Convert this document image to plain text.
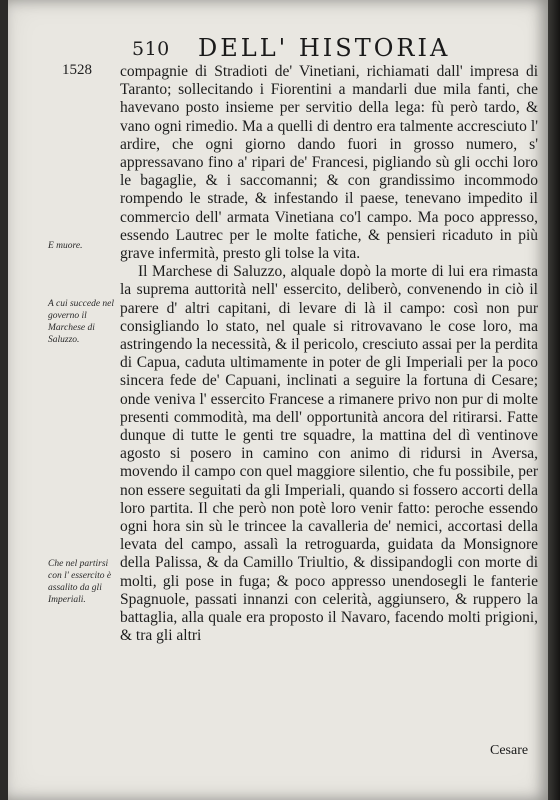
510 DELL' HISTORIA
1528 compagnie di Stradioti de' Vinetiani, richiamati dall' impresa di Taranto; sollecitando i Fiorentini a mandarli due mila fanti, che havevano posto insieme per servitio della lega: fù però tardo, & vano ogni rimedio. Ma a quelli di dentro era talmente accresciuto l' ardire, che ogni giorno dando fuori in grosso numero, s' appressavano fino a' ripari de' Francesi, pigliando sù gli occhi loro le bagaglie, & i saccomanni; & con grandissimo incommodo rompendo le strade, & infestando il paese, tenevano impedito il commercio dell' armata Vinetiana co'l campo. Ma poco appresso, essendo Lautrec per le molte fatiche, & pensieri ricaduto in più grave infermità, presto gli tolse la vita.

Il Marchese di Saluzzo, alquale dopò la morte di lui era rimasta la suprema auttorità nell' essercito, deliberò, convenendo in ciò il parere d' altri capitani, di levare di là il campo: così non pur consigliando lo stato, nel quale si ritrovavano le cose loro, ma astringendo la necessità, & il pericolo, cresciuto assai per la perdita di Capua, caduta ultimamente in poter de gli Imperiali per la poco sincera fede de' Capuani, inclinati a seguire la fortuna di Cesare; onde veniva l' essercito Francese a rimanere privo non pur di molte presenti commodità, ma dell' opportunità ancora del ritirarsi. Fatte dunque di tutte le genti tre squadre, la mattina del dì ventinove agosto si posero in camino con animo di ridursi in Aversa, movendo il campo con quel maggiore silentio, che fu possibile, per non essere seguitati da gli Imperiali, quando si fossero accorti della loro partita. Il che però non potè loro venir fatto: peroche essendo ogni hora sin sù le trincee la cavalleria de' nemici, accortasi della levata del campo, assalì la retroguarda, guidata da Monsignore della Palissa, & da Camillo Triultio, & dissipandogli con morte di molti, gli pose in fuga; & poco appresso unendosegli le fanterie Spagnuole, passati innanzi con celerità, aggiunsero, & ruppero la battaglia, alla quale era proposto il Navaro, facendo molti prigioni, & tra gli altri

E muore.
A cui succede nel governo il Marchese di Saluzzo.
Che nel partirsi con l' essercito è assalito da gli Imperiali.
Cesare
